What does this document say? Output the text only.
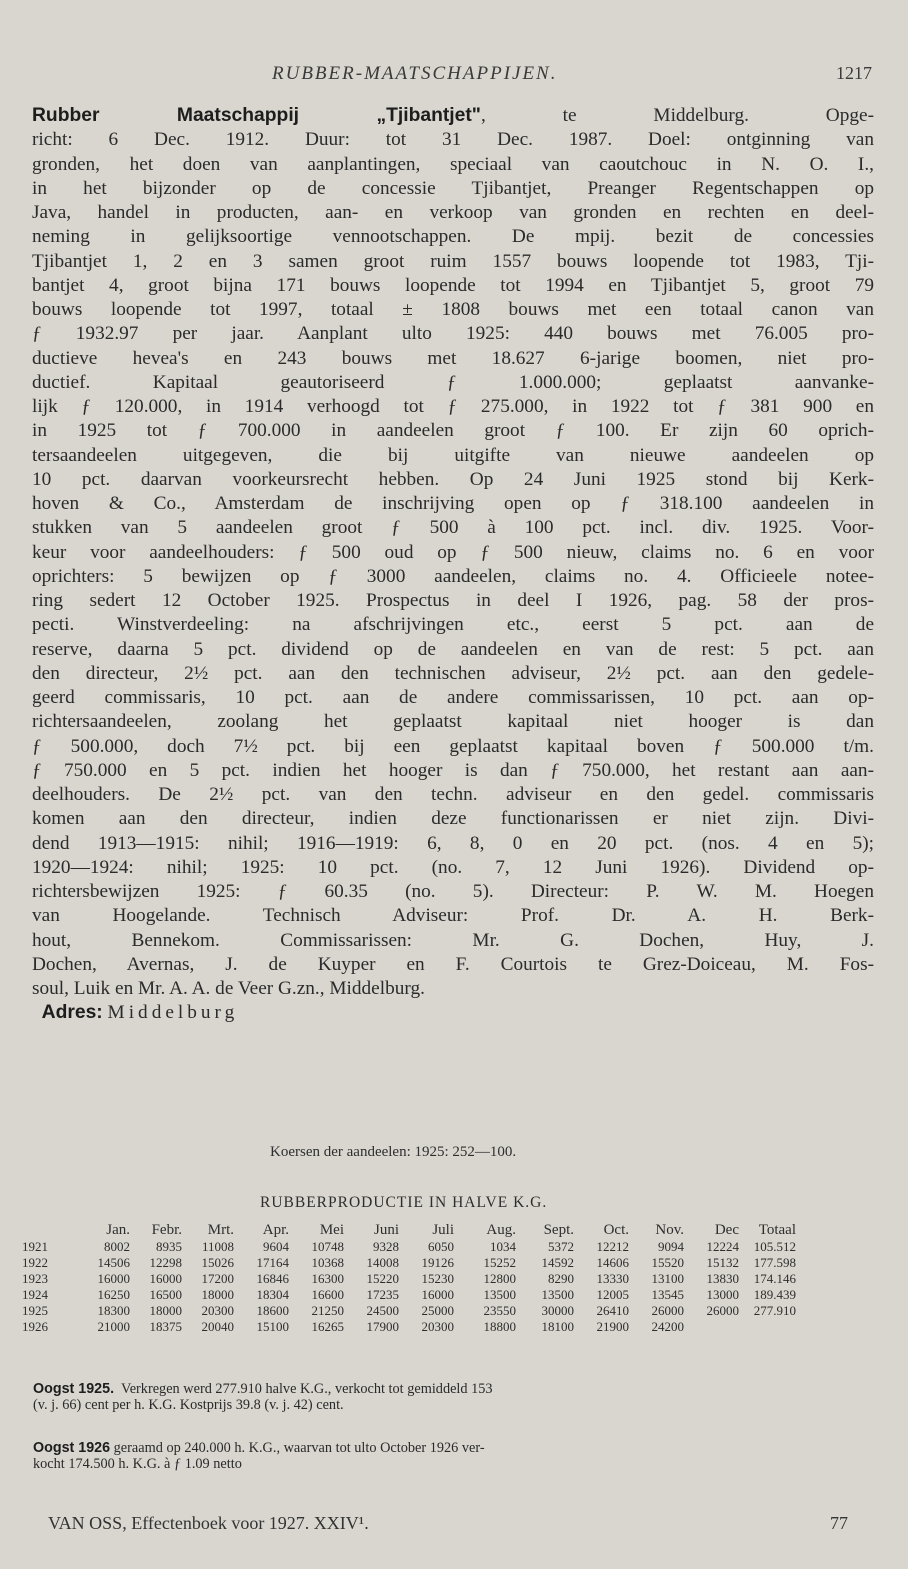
RUBBER-MAATSCHAPPIJEN.	1217
Rubber Maatschappij „Tjibantjet", te Middelburg. Opge-
richt: 6 Dec. 1912. Duur: tot 31 Dec. 1987. Doel: ontginning van
gronden, het doen van aanplantingen, speciaal van caoutchouc in N. O. I.,
in het bijzonder op de concessie Tjibantjet, Preanger Regentschappen op
Java, handel in producten, aan- en verkoop van gronden en rechten en deel-
neming in gelijksoortige vennootschappen. De mpij. bezit de concessies
Tjibantjet 1, 2 en 3 samen groot ruim 1557 bouws loopende tot 1983, Tji-
bantjet 4, groot bijna 171 bouws loopende tot 1994 en Tjibantjet 5, groot 79
bouws loopende tot 1997, totaal ± 1808 bouws met een totaal canon van
ƒ 1932.97 per jaar. Aanplant ulto 1925: 440 bouws met 76.005 pro-
ductieve hevea's en 243 bouws met 18.627 6-jarige boomen, niet pro-
ductief. Kapitaal geautoriseerd ƒ 1.000.000; geplaatst aanvanke-
lijk ƒ 120.000, in 1914 verhoogd tot ƒ 275.000, in 1922 tot ƒ 381 900 en
in 1925 tot ƒ 700.000 in aandeelen groot ƒ 100. Er zijn 60 oprich-
tersaandeelen uitgegeven, die bij uitgifte van nieuwe aandeelen op
10 pct. daarvan voorkeursrecht hebben. Op 24 Juni 1925 stond bij Kerk-
hoven & Co., Amsterdam de inschrijving open op ƒ 318.100 aandeelen in
stukken van 5 aandeelen groot ƒ 500 à 100 pct. incl. div. 1925. Voor-
keur voor aandeelhouders: ƒ 500 oud op ƒ 500 nieuw, claims no. 6 en voor
oprichters: 5 bewijzen op ƒ 3000 aandeelen, claims no. 4. Officieele notee-
ring sedert 12 October 1925. Prospectus in deel I 1926, pag. 58 der pros-
pecti. Winstverdeeling: na afschrijvingen etc., eerst 5 pct. aan de
reserve, daarna 5 pct. dividend op de aandeelen en van de rest: 5 pct. aan
den directeur, 2½ pct. aan den technischen adviseur, 2½ pct. aan den gedele-
geerd commissaris, 10 pct. aan de andere commissarissen, 10 pct. aan op-
richtersaandeelen, zoolang het geplaatst kapitaal niet hooger is dan
ƒ 500.000, doch 7½ pct. bij een geplaatst kapitaal boven ƒ 500.000 t/m.
ƒ 750.000 en 5 pct. indien het hooger is dan ƒ 750.000, het restant aan aan-
deelhouders. De 2½ pct. van den techn. adviseur en den gedel. commissaris
komen aan den directeur, indien deze functionarissen er niet zijn. Divi-
dend 1913—1915: nihil; 1916—1919: 6, 8, 0 en 20 pct. (nos. 4 en 5);
1920—1924: nihil; 1925: 10 pct. (no. 7, 12 Juni 1926). Dividend op-
richtersbewijzen 1925: ƒ 60.35 (no. 5). Directeur: P. W. M. Hoegen
van Hoogelande. Technisch Adviseur: Prof. Dr. A. H. Berk-
hout, Bennekom. Commissarissen: Mr. G. Dochen, Huy, J.
Dochen, Avernas, J. de Kuyper en F. Courtois te Grez-Doiceau, M. Fos-
soul, Luik en Mr. A. A. de Veer G.zn., Middelburg.
Adres: Middelburg
Koersen der aandeelen: 1925: 252—100.
RUBBERPRODUCTIE IN HALVE K.G.
	Jan.	Febr.	Mrt.	Apr.	Mei	Juni	Juli	Aug.	Sept.	Oct.	Nov.	Dec	Totaal
1921	8002	8935	11008	9604	10748	9328	6050	1034	5372	12212	9094	12224	105.512
1922	14506	12298	15026	17164	10368	14008	19126	15252	14592	14606	15520	15132	177.598
1923	16000	16000	17200	16846	16300	15220	15230	12800	8290	13330	13100	13830	174.146
1924	16250	16500	18000	18304	16600	17235	16000	13500	13500	12005	13545	13000	189.439
1925	18300	18000	20300	18600	21250	24500	25000	23550	30000	26410	26000	26000	277.910
1926	21000	18375	20040	15100	16265	17900	20300	18800	18100	21900	24200		
Oogst 1925. Verkregen werd 277.910 halve K.G., verkocht tot gemiddeld 153
(v. j. 66) cent per h. K.G. Kostprijs 39.8 (v. j. 42) cent.
Oogst 1926 geraamd op 240.000 h. K.G., waarvan tot ulto October 1926 ver-
kocht 174.500 h. K.G. à ƒ 1.09 netto
VAN OSS, Effectenboek voor 1927. XXIV¹.	77
